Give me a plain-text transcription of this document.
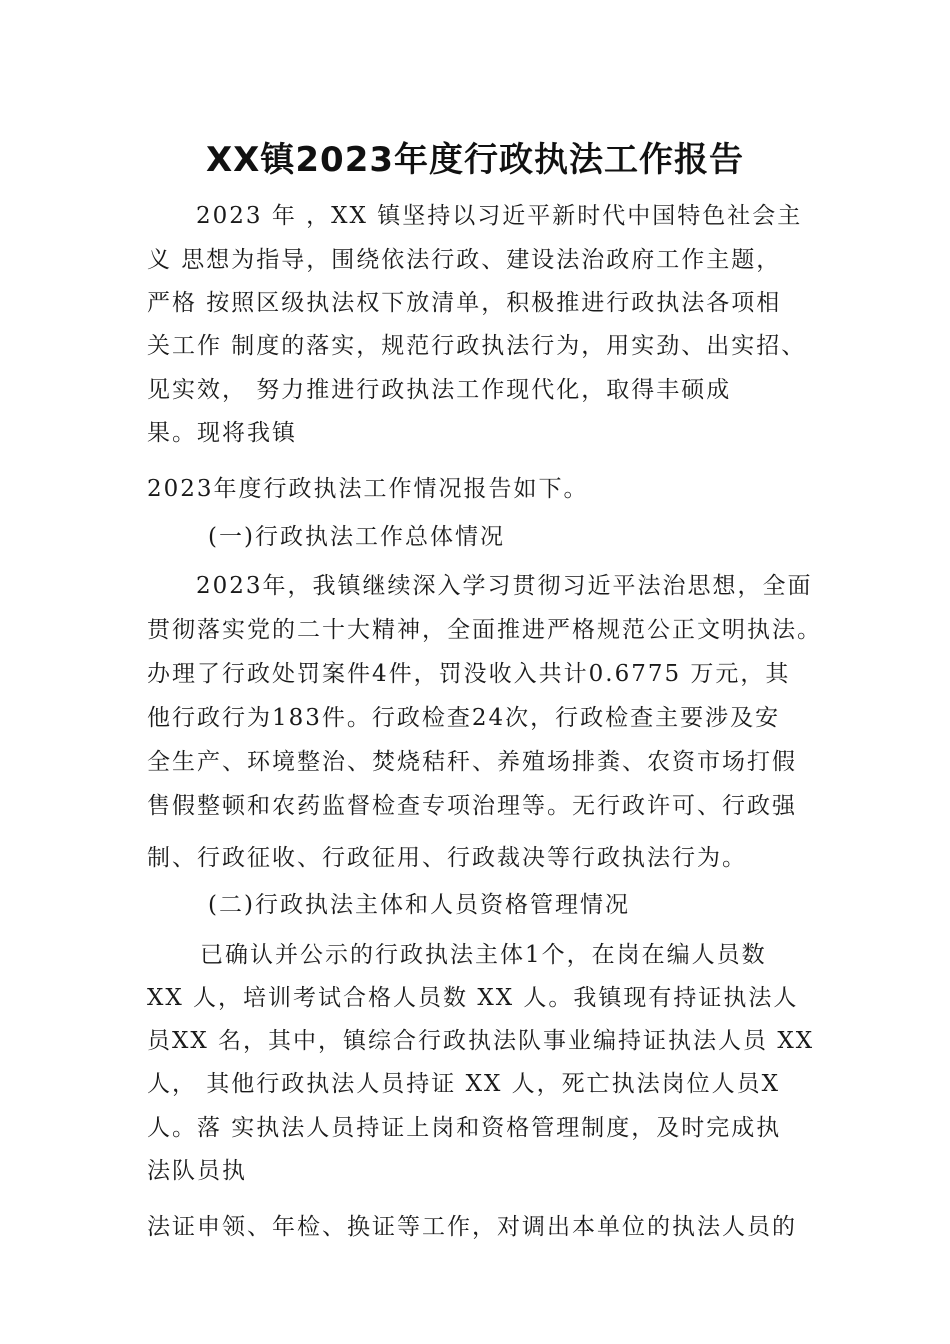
XX镇2023年度行政执法工作报告
2023 年 ，XX 镇坚持以习近平新时代中国特色社会主
义 思想为指导，围绕依法行政、建设法治政府工作主题，
严格 按照区级执法权下放清单，积极推进行政执法各项相
关工作 制度的落实，规范行政执法行为，用实劲、出实招、
见实效， 努力推进行政执法工作现代化，取得丰硕成
果。现将我镇
2023年度行政执法工作情况报告如下。
(一)行政执法工作总体情况
2023年，我镇继续深入学习贯彻习近平法治思想，全面
贯彻落实党的二十大精神，全面推进严格规范公正文明执法。
办理了行政处罚案件4件，罚没收入共计0.6775 万元，其
他行政行为183件。行政检查24次，行政检查主要涉及安
全生产、环境整治、焚烧秸秆、养殖场排粪、农资市场打假
售假整顿和农药监督检查专项治理等。无行政许可、行政强
制、行政征收、行政征用、行政裁决等行政执法行为。
(二)行政执法主体和人员资格管理情况
已确认并公示的行政执法主体1个，在岗在编人员数
XX 人，培训考试合格人员数 XX 人。我镇现有持证执法人
员XX 名，其中，镇综合行政执法队事业编持证执法人员 XX
人， 其他行政执法人员持证 XX 人，死亡执法岗位人员X
人。落 实执法人员持证上岗和资格管理制度，及时完成执
法队员执
法证申领、年检、换证等工作，对调出本单位的执法人员的
